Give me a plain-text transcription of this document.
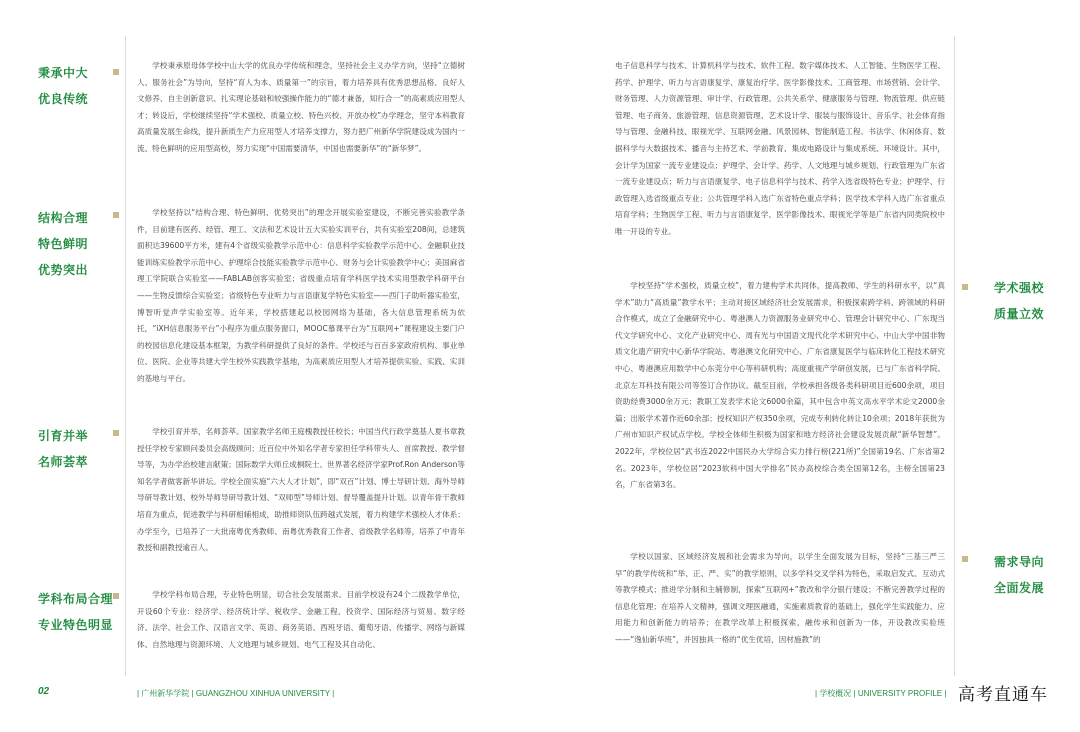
秉承中大
优良传统

学校秉承原母体学校中山大学的优良办学传统和理念，坚持社会主义办学方向，坚持“立德树人、服务社会”为导向，坚持“育人为本、质量第一”的宗旨，着力培养具有优秀思想品格、良好人文修养、自主创新意识、扎实理论基础和较强操作能力的“德才兼备，知行合一”的高素质应用型人才；转设后，学校继续坚持“学术强校、质量立校、特色兴校、开放办校”办学理念，坚守本科教育高质量发展生命线，提升新质生产力应用型人才培养支撑力，努力把广州新华学院建设成为国内一流、特色鲜明的应用型高校，努力实现“中国需要清华，中国也需要新华”的“新华梦”。

结构合理
特色鲜明
优势突出

学校坚持以“结构合理、特色鲜明、优势突出”的理念开展实验室建设，不断完善实验教学条件，目前建有医药、经管、理工、文法和艺术设计五大实验实训平台，共有实验室208间，总建筑面积达39600平方米，建有4个省级实验教学示范中心：信息科学实验教学示范中心、金融职业技能训练实验教学示范中心、护理综合技能实验教学示范中心、财务与会计实验教学中心；美国麻省理工学院联合实验室——FABLAB创客实验室；省级重点培育学科医学技术实用型教学科研平台——生物反馈综合实验室；省级特色专业听力与言语康复学特色实验室——西门子助听器实验室，博智听觉声学实验室等。近年来，学校搭建起以校园网络为基础，各大信息管理系统为依托，“iXH信息服务平台”小程序为重点服务窗口，MOOC慕课平台为“互联网+”课程建设主要门户的校园信息化建设基本框架，为教学科研提供了良好的条件。学校还与百百多家政府机构、事业单位、医院、企业等共建大学生校外实践教学基地，为高素质应用型人才培养提供实验、实践、实训的基地与平台。

引育并举
名师荟萃

学校引育并举，名师荟萃。国家教学名师王庭槐教授任校长；中国当代行政学奠基人夏书章教授任学校专家顾问委员会高级顾问；近百位中外知名学者专家担任学科带头人、首席教授、教学督导等，为办学治校建言献策；国际数学大师丘成桐院士、世界著名经济学家Prof.Ron Anderson等知名学者做客新华讲坛。学校全面实施“六大人才计划”，即“双百”计划、博士导研计划、海外导师导研导教计划、校外导师导研导教计划、“双师型”导师计划、督导覆盖提升计划。以青年骨干教师培育为重点，促进教学与科研相辅相成，助推师资队伍跨越式发展，着力构建学术强校人才体系；办学至今，已培养了一大批南粤优秀教师、南粤优秀教育工作者、省级教学名师等，培养了中青年教授和副教授逾百人。

学科布局合理
专业特色明显

学校学科布局合理，专业特色明显，切合社会发展需求。目前学校设有24个二级教学单位，开设60个专业：经济学、经济统计学、税收学、金融工程、投资学、国际经济与贸易、数字经济、法学、社会工作、汉语言文学、英语、商务英语、西班牙语、葡萄牙语、传播学、网络与新媒体、自然地理与资源环境、人文地理与城乡规划、电气工程及其自动化、

电子信息科学与技术、计算机科学与技术、软件工程、数字媒体技术、人工智能、生物医学工程、药学、护理学、听力与言语康复学、康复治疗学、医学影像技术、工商管理、市场营销、会计学、财务管理、人力资源管理、审计学、行政管理、公共关系学、健康服务与管理、物流管理、供应链管理、电子商务、旅游管理、信息资源管理、艺术设计学、服装与服饰设计、音乐学、社会体育指导与管理、金融科技、眼视光学、互联网金融、风景园林、智能制造工程、书法学、休闲体育、数据科学与大数据技术、播音与主持艺术、学前教育、集成电路设计与集成系统、环境设计。其中，会计学为国家一流专业建设点；护理学、会计学、药学、人文地理与城乡规划、行政管理为广东省一流专业建设点；听力与言语康复学、电子信息科学与技术、药学入选省级特色专业；护理学、行政管理入选省级重点专业；公共管理学科入选广东省特色重点学科；医学技术学科入选广东省重点培育学科；生物医学工程、听力与言语康复学、医学影像技术、眼视光学等是广东省内同类院校中唯一开设的专业。

学术强校
质量立效

学校坚持“学术强校，质量立校”，着力建构学术共同体，提高教师、学生的科研水平，以“真学术”助力“高质量”教学水平；主动对接区域经济社会发展需求，积极探索跨学科、跨领域的科研合作模式，成立了金融研究中心、粤港澳人力资源服务业研究中心、管理会计研究中心、广东现当代文学研究中心、文化产业研究中心、周有光与中国语文现代化学术研究中心、中山大学中国非物质文化遗产研究中心新华学院站、粤港澳文化研究中心、广东省康复医学与临床转化工程技术研究中心、粤港澳应用数学中心东莞分中心等科研机构；高度重视产学研创发展，已与广东省科学院、北京左耳科技有限公司等签订合作协议。截至目前，学校承担各级各类科研项目近600余项，项目资助经费3000余万元；教职工发表学术论文6000余篇，其中包含中英文高水平学术论文2000余篇；出版学术著作近60余部；授权知识产权350余项，完成专利转化转让10余项；2018年获批为广州市知识产权试点学校。学校全体师生积极为国家和地方经济社会建设发展贡献“新华智慧”。2022年，学校位居“武书连2022中国民办大学综合实力排行榜(221所)”全国第19名、广东省第2名。2023年，学校位居“2023软科中国大学排名”民办高校综合类全国第12名，主榜全国第23名，广东省第3名。

需求导向
全面发展

学校以国家、区域经济发展和社会需求为导向，以学生全面发展为目标，坚持“三基三严三早”的教学传统和“举、正、严、实”的教学原则，以多学科交叉学科为特色，采取启发式、互动式等教学模式；推进学分制和主辅修制，探索“互联网+”教改和学分银行建设；不断完善教学过程的信息化管理；在培养人文精神，强调文理医融通，实施素质教育的基础上，强化学生实践能力、应用能力和创新能力的培养；在教学改革上积极探索，融传承和创新为一体，开设教改实验班——“逸仙新华班”，并因独具一格的“优生优培，因材施教”的

02	| 广州新华学院 | GUANGZHOU XINHUA UNIVERSITY |	| 学校概况 | UNIVERSITY PROFILE | 高考直通车
